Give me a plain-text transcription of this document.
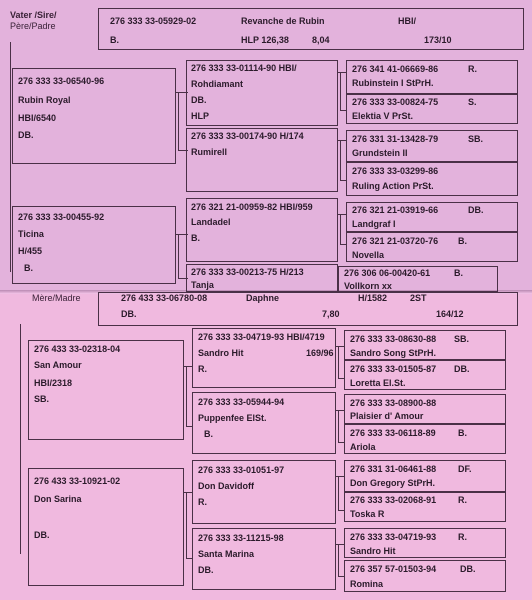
Vater /Sire/
Père/Padre	276 333 33-05929-02	Revanche de Rubin	HBI/
B.	HLP 126,38	8,04	173/10
276 333 33-06540-96
Rubin Royal
HBI/6540
DB.
276 333 33-01114-90 HBI/
Rohdiamant
DB.
HLP
276 333 33-00174-90 H/174
Rumirell
276 341 41-06669-86	R.
Rubinstein I StPrH.
276 333 33-00824-75	S.
Elektia V PrSt.
276 331 31-13428-79	SB.
Grundstein II
276 333 33-03299-86
Ruling Action PrSt.
276 333 33-00455-92
Ticina
H/455
B.
276 321 21-00959-82 HBI/959
Landadel
B.
276 333 33-00213-75 H/213
Tanja
276 321 21-03919-66	DB.
Landgraf I
276 321 21-03720-76 B.
Novella
276 306 06-00420-61	B.
Vollkorn xx
Mère/Madre	276 433 33-06780-08	Daphne	H/1582	2ST
DB.	7,80	164/12
276 433 33-02318-04
San Amour
HBI/2318
SB.
276 333 33-04719-93 HBI/4719
Sandro Hit	169/96
R.
276 333 33-05944-94
Puppenfee ElSt.
B.
276 333 33-08630-88 SB.
Sandro Song StPrH.
276 333 33-01505-87 DB.
Loretta El.St.
276 333 33-08900-88
Plaisier d' Amour
276 333 33-06118-89 B.
Ariola
276 433 33-10921-02
Don Sarina
DB.
276 333 33-01051-97
Don Davidoff
R.
276 333 33-11215-98
Santa Marina
DB.
276 331 31-06461-88 DF.
Don Gregory StPrH.
276 333 33-02068-91 R.
Toska R
276 333 33-04719-93 R.
Sandro Hit
276 357 57-01503-94	DB.
Romina
